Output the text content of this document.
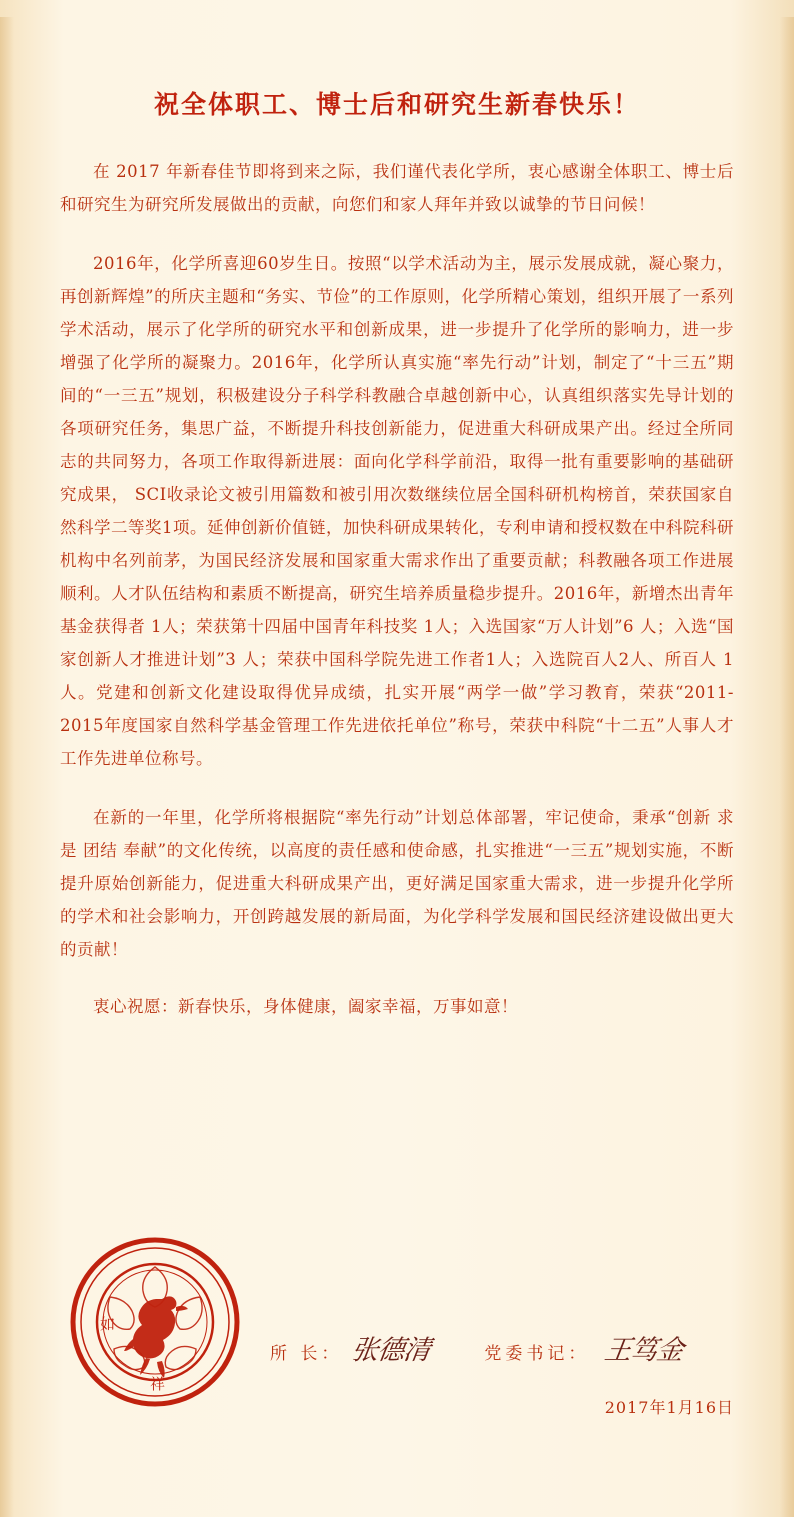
祝全体职工、博士后和研究生新春快乐！

在 2017 年新春佳节即将到来之际，我们谨代表化学所，衷心感谢全体职工、博士后和研究生为研究所发展做出的贡献，向您们和家人拜年并致以诚挚的节日问候！

2016年，化学所喜迎60岁生日。按照“以学术活动为主，展示发展成就，凝心聚力，再创新辉煌”的所庆主题和“务实、节俭”的工作原则，化学所精心策划，组织开展了一系列学术活动，展示了化学所的研究水平和创新成果，进一步提升了化学所的影响力，进一步增强了化学所的凝聚力。2016年，化学所认真实施“率先行动”计划，制定了“十三五”期间的“一三五”规划，积极建设分子科学科教融合卓越创新中心，认真组织落实先导计划的各项研究任务，集思广益，不断提升科技创新能力，促进重大科研成果产出。经过全所同志的共同努力，各项工作取得新进展：面向化学科学前沿，取得一批有重要影响的基础研究成果， SCI收录论文被引用篇数和被引用次数继续位居全国科研机构榜首，荣获国家自然科学二等奖1项。延伸创新价值链，加快科研成果转化，专利申请和授权数在中科院科研机构中名列前茅，为国民经济发展和国家重大需求作出了重要贡献；科教融各项工作进展顺利。人才队伍结构和素质不断提高，研究生培养质量稳步提升。2016年，新增杰出青年基金获得者 1人；荣获第十四届中国青年科技奖 1人；入选国家“万人计划”6 人；入选“国家创新人才推进计划”3 人；荣获中国科学院先进工作者1人；入选院百人2人、所百人 1人。党建和创新文化建设取得优异成绩，扎实开展“两学一做”学习教育，荣获“2011-2015年度国家自然科学基金管理工作先进依托单位”称号，荣获中科院“十二五”人事人才工作先进单位称号。

在新的一年里，化学所将根据院“率先行动”计划总体部署，牢记使命，秉承“创新 求是 团结 奉献”的文化传统，以高度的责任感和使命感，扎实推进“一三五”规划实施，不断提升原始创新能力，促进重大科研成果产出，更好满足国家重大需求，进一步提升化学所的学术和社会影响力，开创跨越发展的新局面，为化学科学发展和国民经济建设做出更大的贡献！

衷心祝愿：新春快乐，身体健康，阖家幸福，万事如意！

如
祥
所 长： 张德清	党委书记： 王笃金
2017年1月16日
